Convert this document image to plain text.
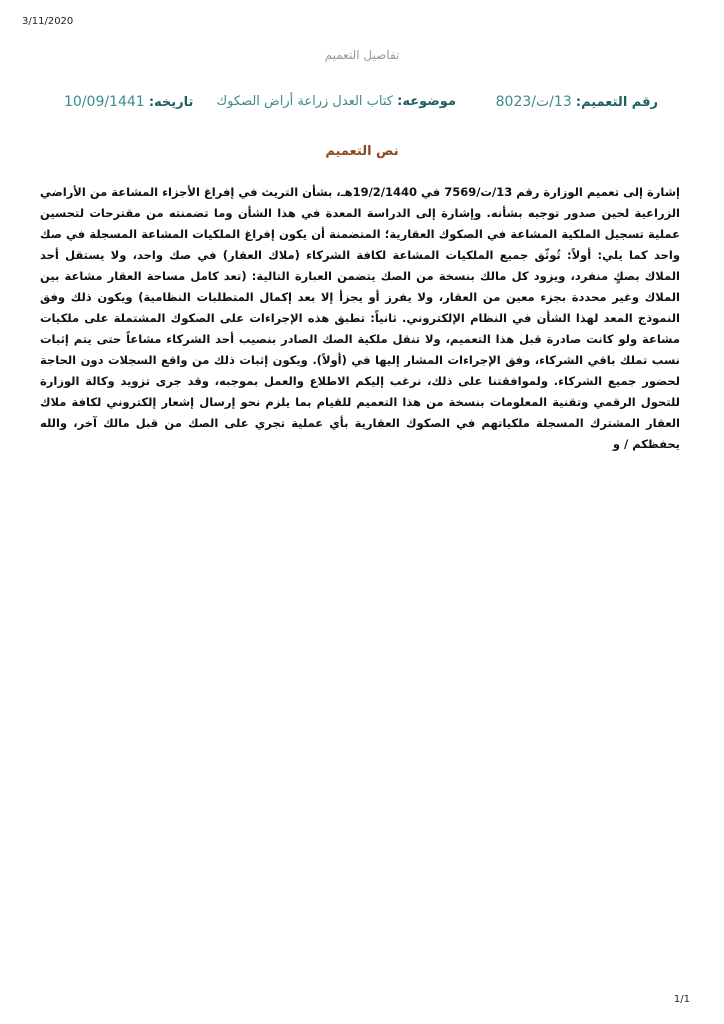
3/11/2020
تفاصيل التعميم
رقم التعميم: 13/ت/8023
موضوعه: كتاب العدل زراعة أراض الصكوك
تاريخه: 10/09/1441
نص التعميم
إشارة إلى تعميم الوزارة رقم 13/ت/7569 في 19/2/1440هـ، بشأن التريث في إفراغ الأجزاء المشاعة من الأراضي الزراعية لحين صدور توجيه بشأنه. وإشارة إلى الدراسة المعدة في هذا الشأن وما تضمنته من مقترحات لتحسين عملية تسجيل الملكية المشاعة في الصكوك العقارية؛ المتضمنة أن يكون إفراغ الملكيات المشاعة المسجلة في صك واحد كما يلي: أولاً: تُوثّق جميع الملكيات المشاعة لكافة الشركاء (ملاك العقار) في صك واحد، ولا يستقل أحد الملاك بصكٍ منفرد، ويزود كل مالك بنسخة من الصك يتضمن العبارة التالية: (تعد كامل مساحة العقار مشاعة بين الملاك وغير محددة بجزء معين من العقار، ولا يفرز أو يجزأ إلا بعد إكمال المتطلبات النظامية) ويكون ذلك وفق النموذج المعد لهذا الشأن في النظام الإلكتروني. ثانياً: تطبق هذه الإجراءات على الصكوك المشتملة على ملكيات مشاعة ولو كانت صادرة قبل هذا التعميم، ولا تنقل ملكية الصك الصادر بنصيب أحد الشركاء مشاعاً حتى يتم إثبات نسب تملك باقي الشركاء، وفق الإجراءات المشار إليها في (أولاً). ويكون إثبات ذلك من واقع السجلات دون الحاجة لحضور جميع الشركاء. ولموافقتنا على ذلك، نرغب إليكم الاطلاع والعمل بموجبه، وقد جرى تزويد وكالة الوزارة للتحول الرقمي وتقنية المعلومات بنسخة من هذا التعميم للقيام بما يلزم نحو إرسال إشعار إلكتروني لكافة ملاك العقار المشترك المسجلة ملكياتهم في الصكوك العقارية بأي عملية تجري على الصك من قبل مالك آخر، والله يحفظكم / و
1/1
